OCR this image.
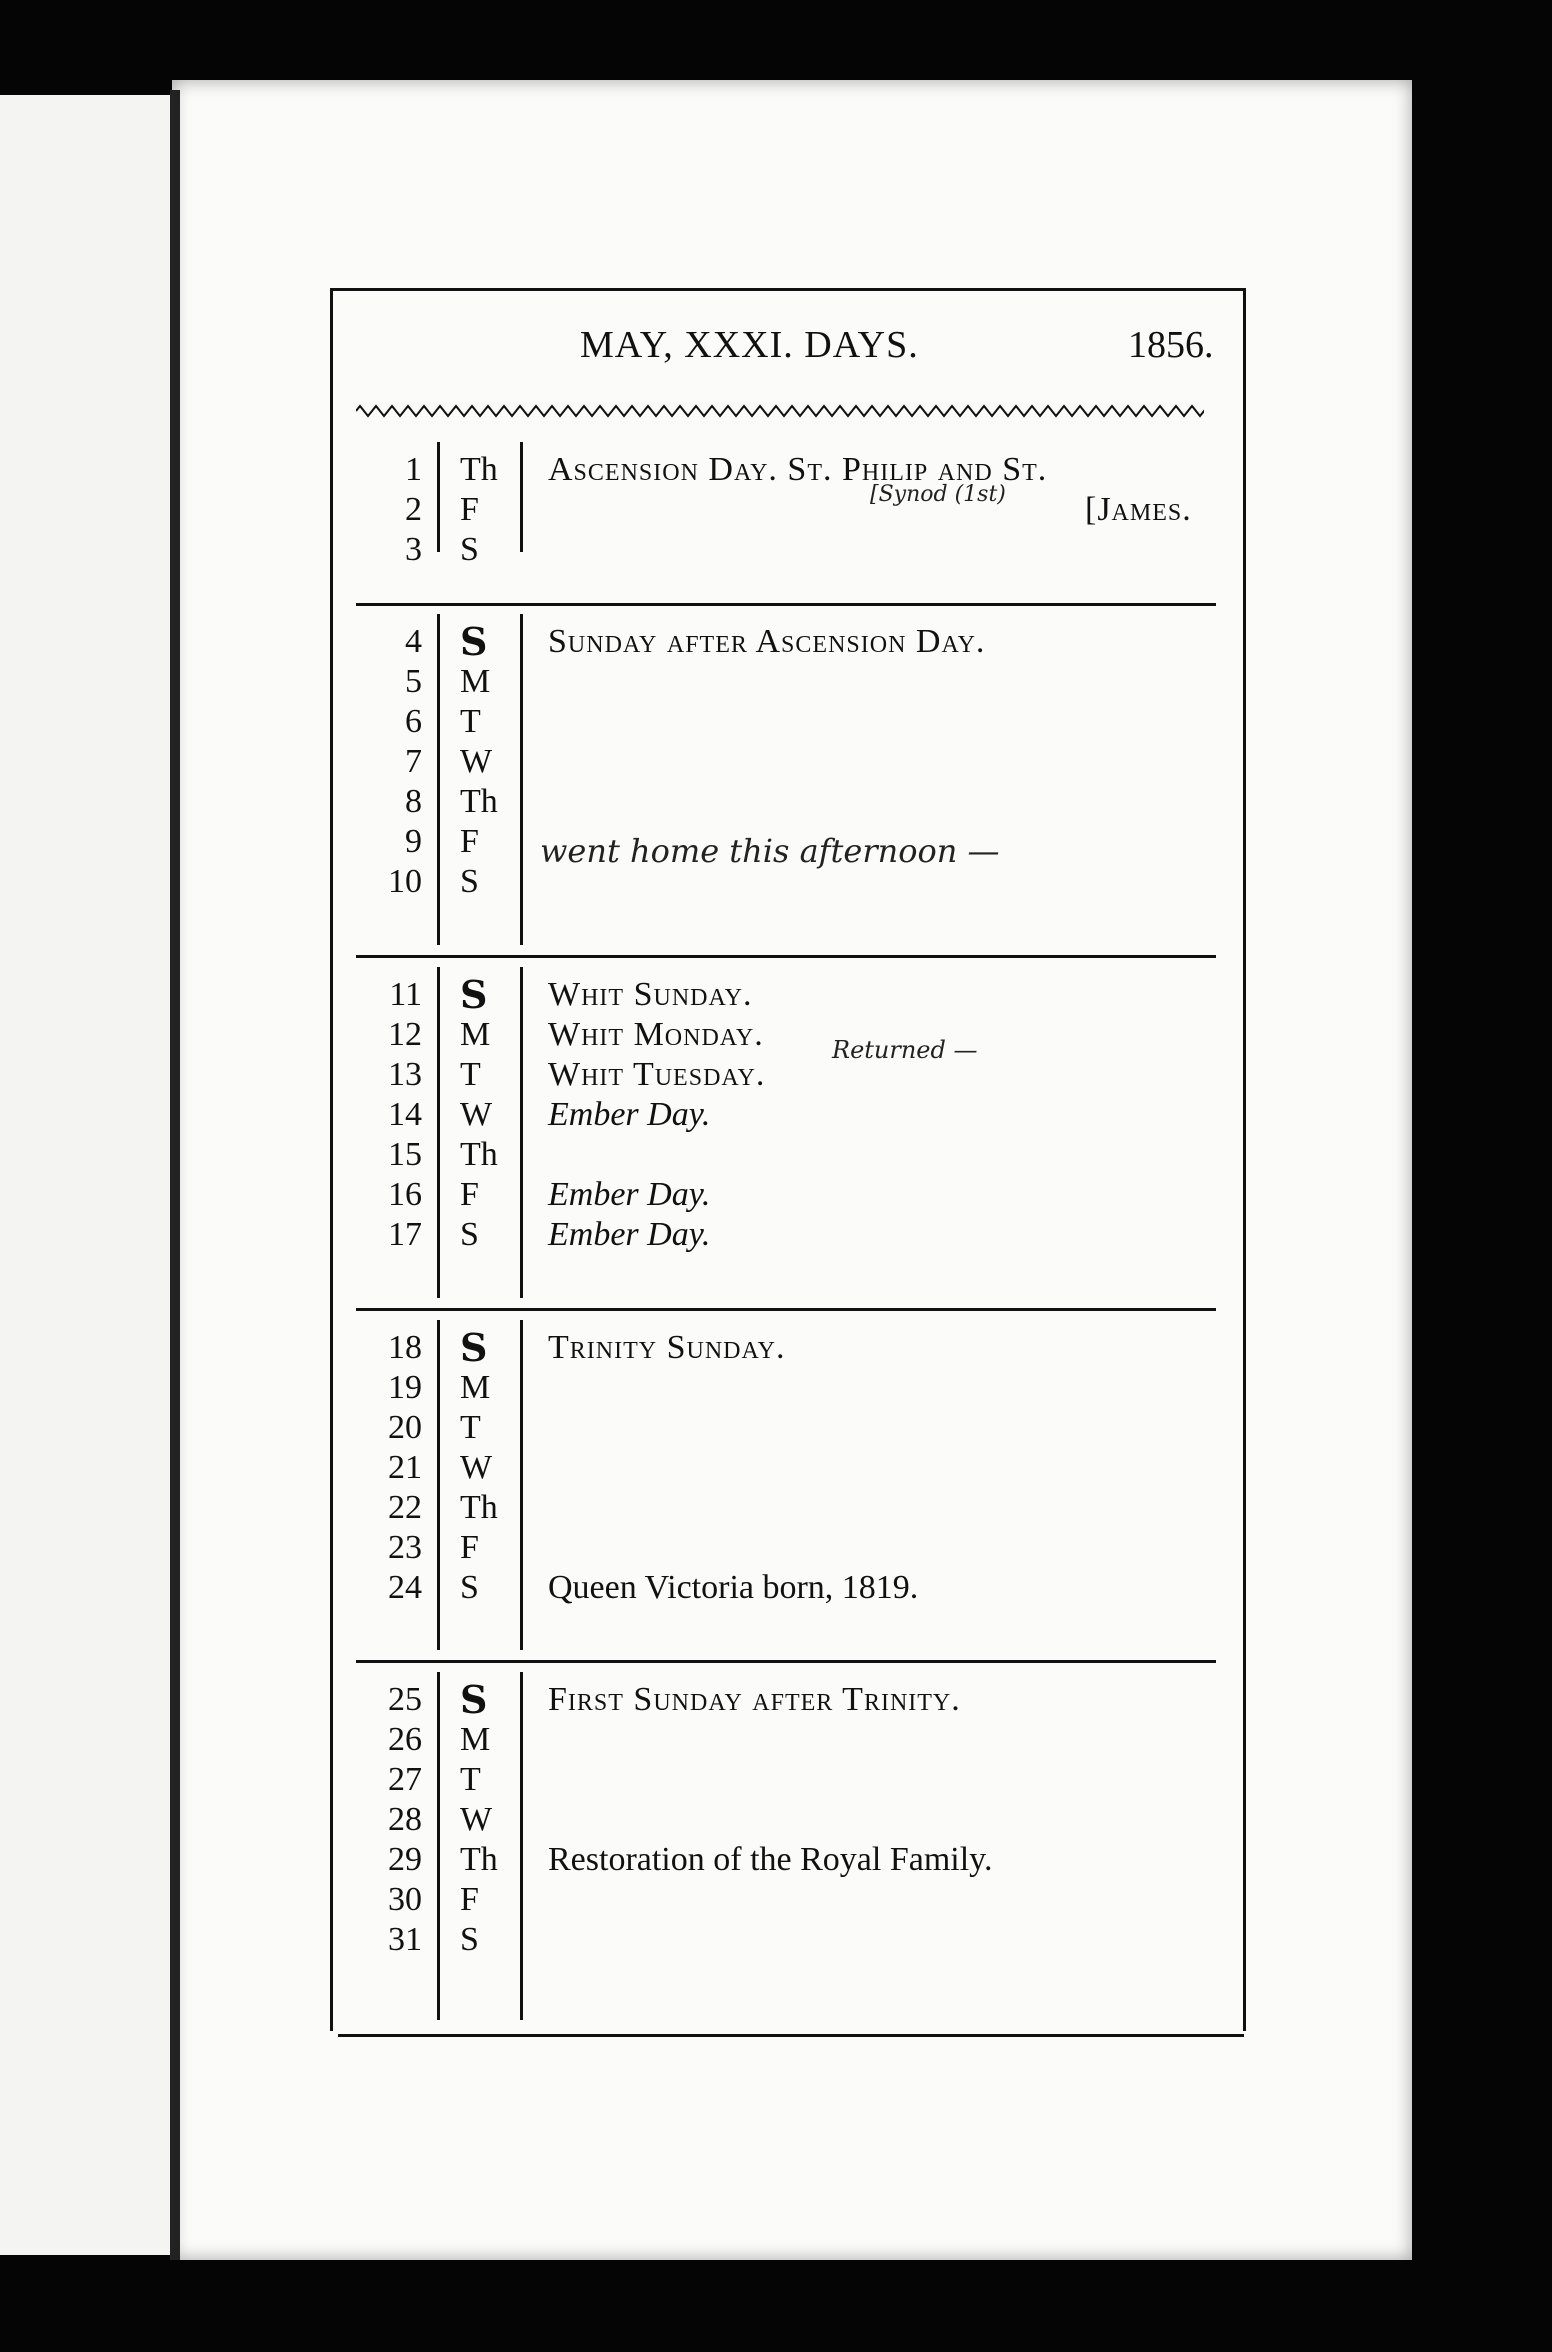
MAY, XXXI. DAYS.	1856.
1 Th	Ascension Day. St. Philip and St.
2 F	[James.
3 S
4 S	Sunday after Ascension Day.
5 M
6 T
7 W
8 Th
9 F
10 S
11 S	Whit Sunday.
12 M	Whit Monday.
13 T	Whit Tuesday.
14 W	Ember Day.
15 Th
16 F	Ember Day.
17 S	Ember Day.
18 S	Trinity Sunday.
19 M
20 T
21 W
22 Th
23 F
24 S	Queen Victoria born, 1819.
25 S	First Sunday after Trinity.
26 M
27 T
28 W
29 Th	Restoration of the Royal Family.
30 F
31 S
[Synod (1st)
went home this afternoon —
Returned —
